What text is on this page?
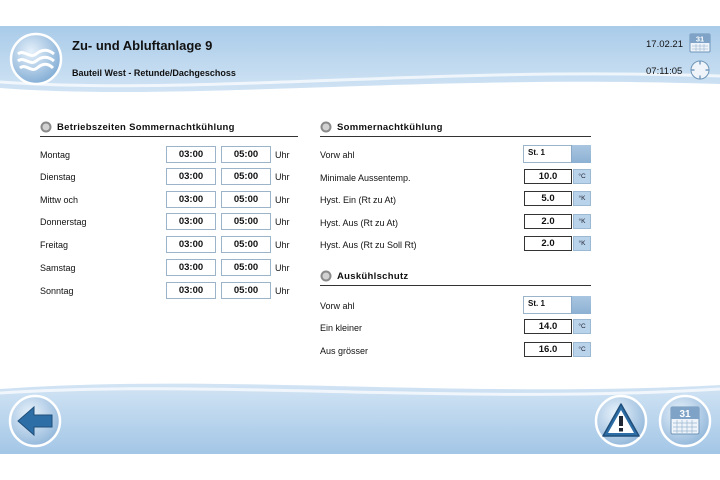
Zu- und Abluftanlage 9
Bauteil West - Retunde/Dachgeschoss
17.02.21 31
07:11:05
Betriebszeiten Sommernachtkühlung
Montag	03:00	05:00	Uhr
Dienstag	03:00	05:00	Uhr
Mittw och	03:00	05:00	Uhr
Donnerstag	03:00	05:00	Uhr
Freitag	03:00	05:00	Uhr
Samstag	03:00	05:00	Uhr
Sonntag	03:00	05:00	Uhr
Sommernachtkühlung
Vorw ahl	St. 1
Minimale Aussentemp.	10.0	°C
Hyst. Ein (Rt zu At)	5.0	°K
Hyst. Aus (Rt zu At)	2.0	°K
Hyst. Aus (Rt zu Soll Rt)	2.0	°K
Auskühlschutz
Vorw ahl	St. 1
Ein kleiner	14.0	°C
Aus grösser	16.0	°C
31
